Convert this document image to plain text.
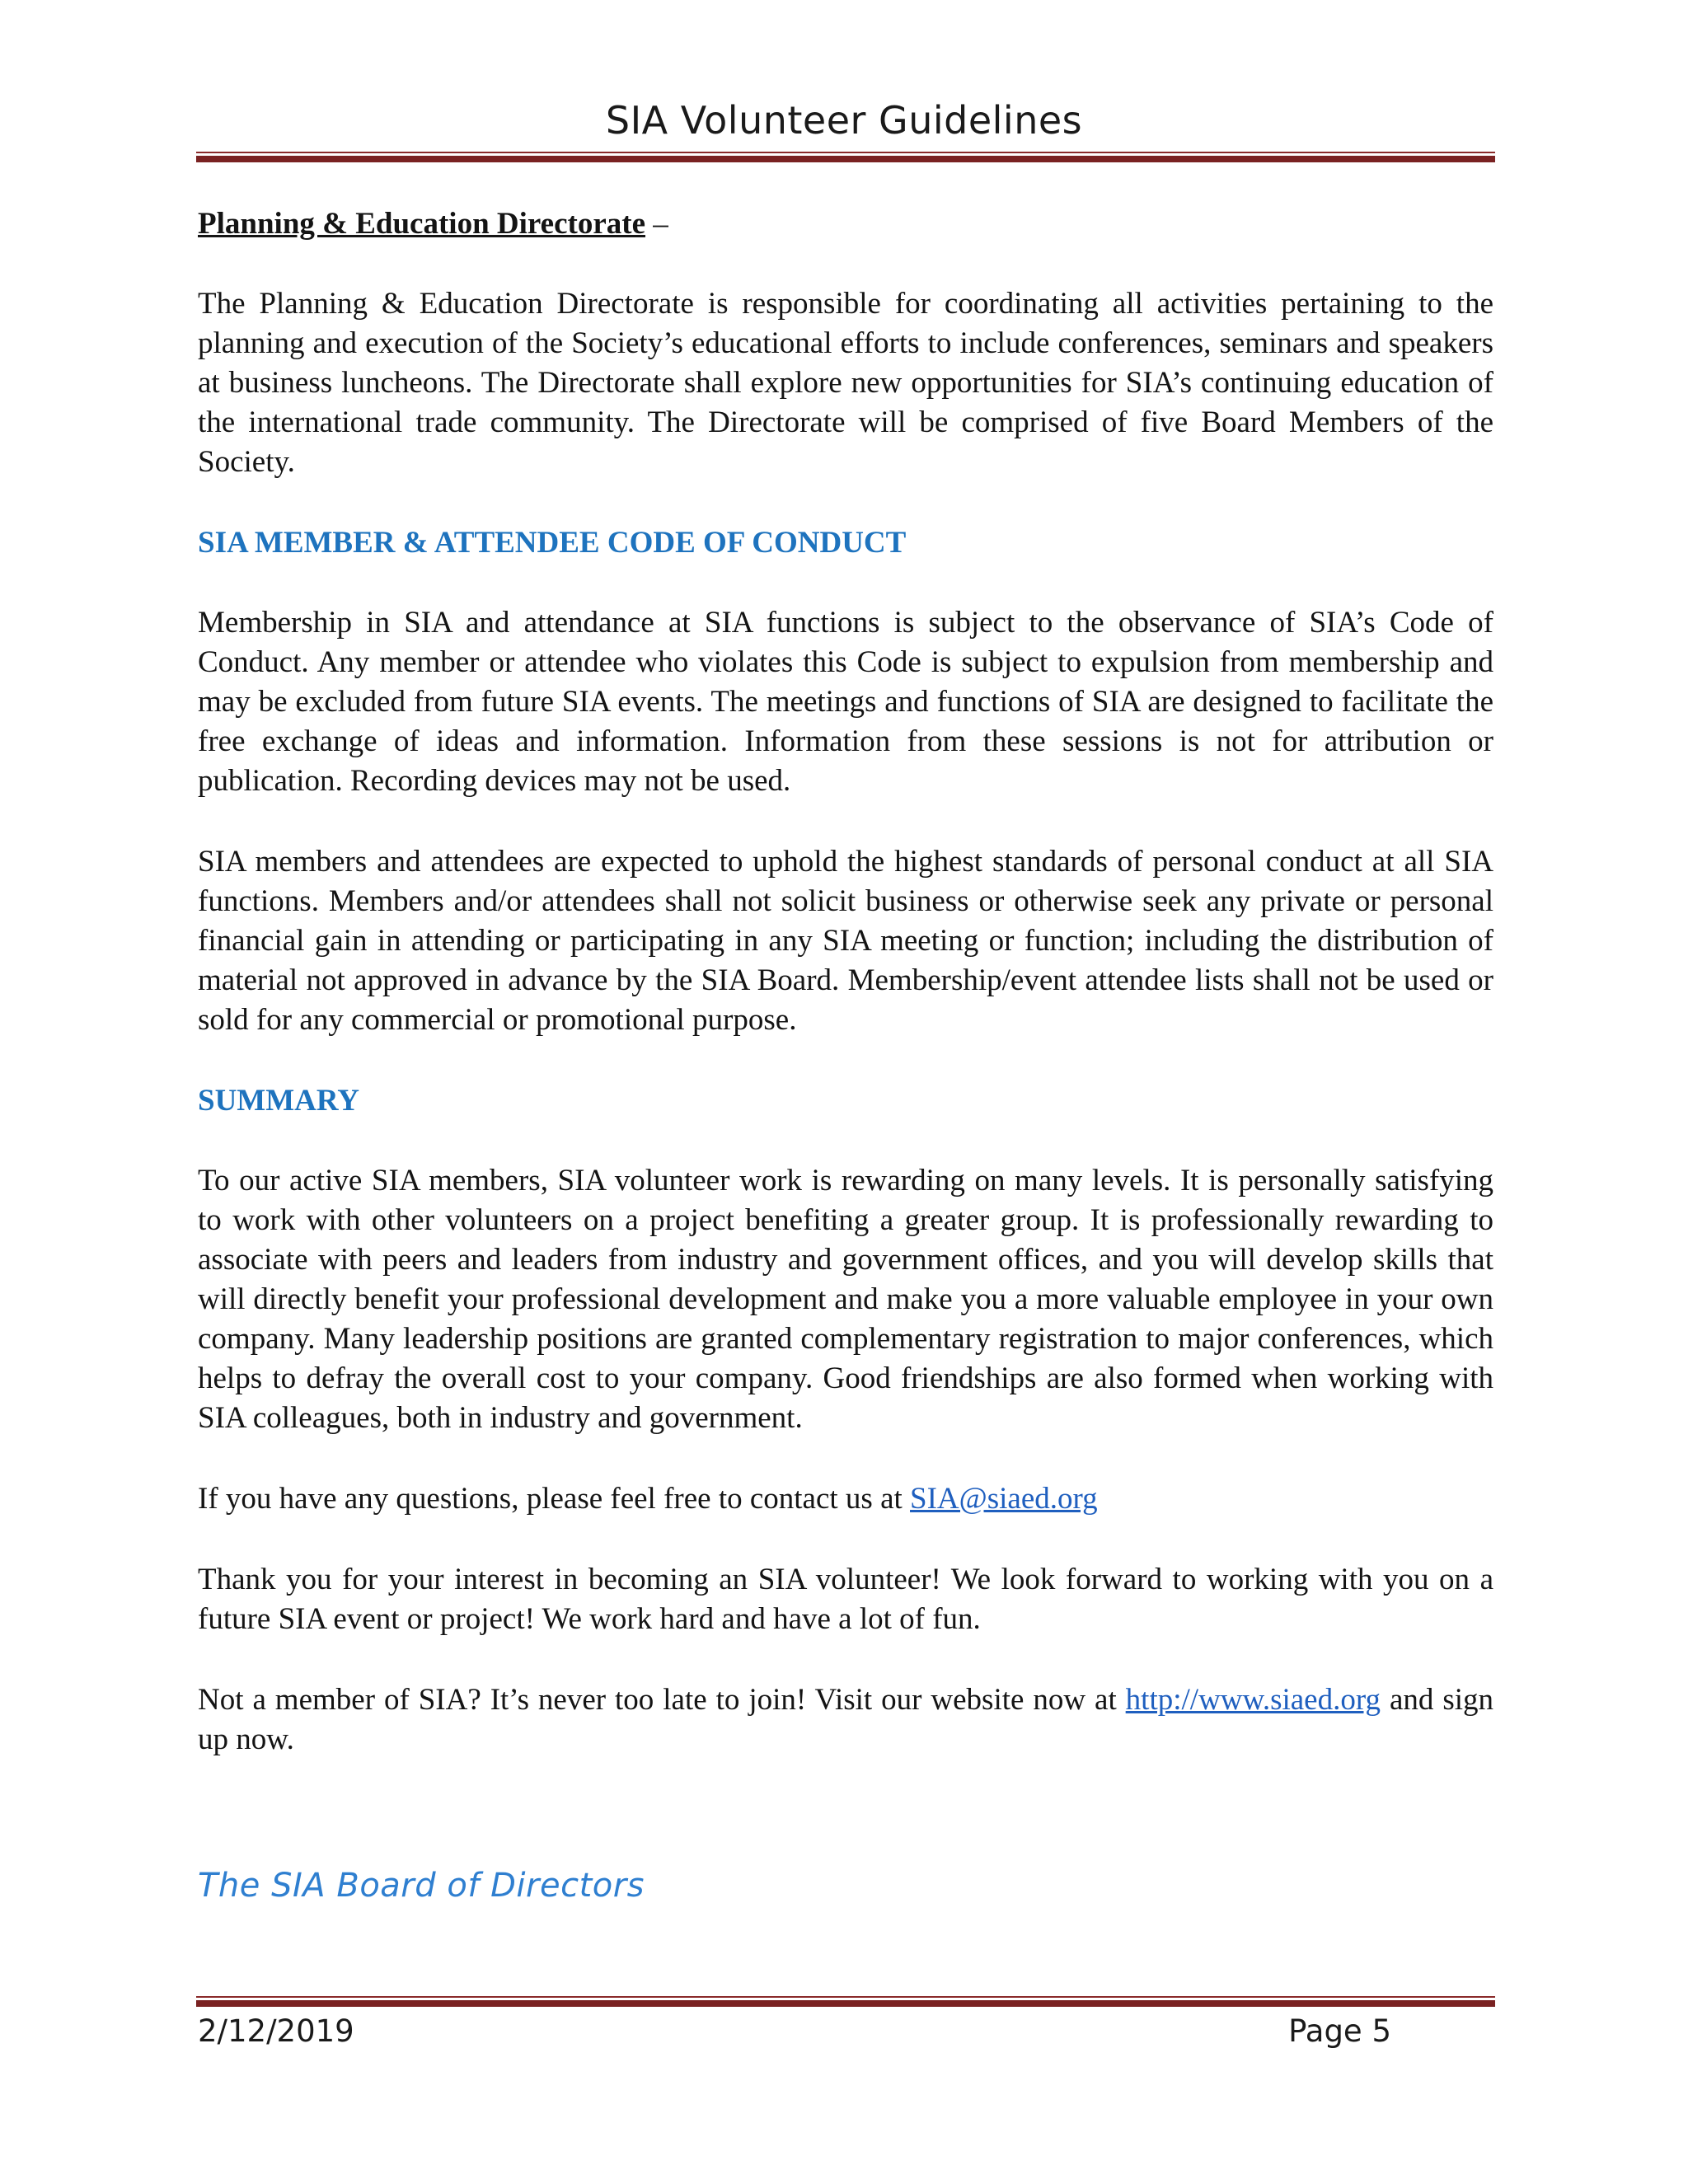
SIA Volunteer Guidelines

Planning & Education Directorate –

The Planning & Education Directorate is responsible for coordinating all activities pertaining to the planning and execution of the Society’s educational efforts to include conferences, seminars and speakers at business luncheons. The Directorate shall explore new opportunities for SIA’s continuing education of the international trade community. The Directorate will be comprised of five Board Members of the Society.

SIA MEMBER & ATTENDEE CODE OF CONDUCT

Membership in SIA and attendance at SIA functions is subject to the observance of SIA’s Code of Conduct. Any member or attendee who violates this Code is subject to expulsion from membership and may be excluded from future SIA events. The meetings and functions of SIA are designed to facilitate the free exchange of ideas and information. Information from these sessions is not for attribution or publication. Recording devices may not be used.

SIA members and attendees are expected to uphold the highest standards of personal conduct at all SIA functions. Members and/or attendees shall not solicit business or otherwise seek any private or personal financial gain in attending or participating in any SIA meeting or function; including the distribution of material not approved in advance by the SIA Board. Membership/event attendee lists shall not be used or sold for any commercial or promotional purpose.

SUMMARY

To our active SIA members, SIA volunteer work is rewarding on many levels. It is personally satisfying to work with other volunteers on a project benefiting a greater group. It is professionally rewarding to associate with peers and leaders from industry and government offices, and you will develop skills that will directly benefit your professional development and make you a more valuable employee in your own company. Many leadership positions are granted complementary registration to major conferences, which helps to defray the overall cost to your company. Good friendships are also formed when working with SIA colleagues, both in industry and government.

If you have any questions, please feel free to contact us at SIA@siaed.org

Thank you for your interest in becoming an SIA volunteer! We look forward to working with you on a future SIA event or project! We work hard and have a lot of fun.

Not a member of SIA? It’s never too late to join! Visit our website now at http://www.siaed.org and sign up now.

The SIA Board of Directors
2/12/2019	Page 5
